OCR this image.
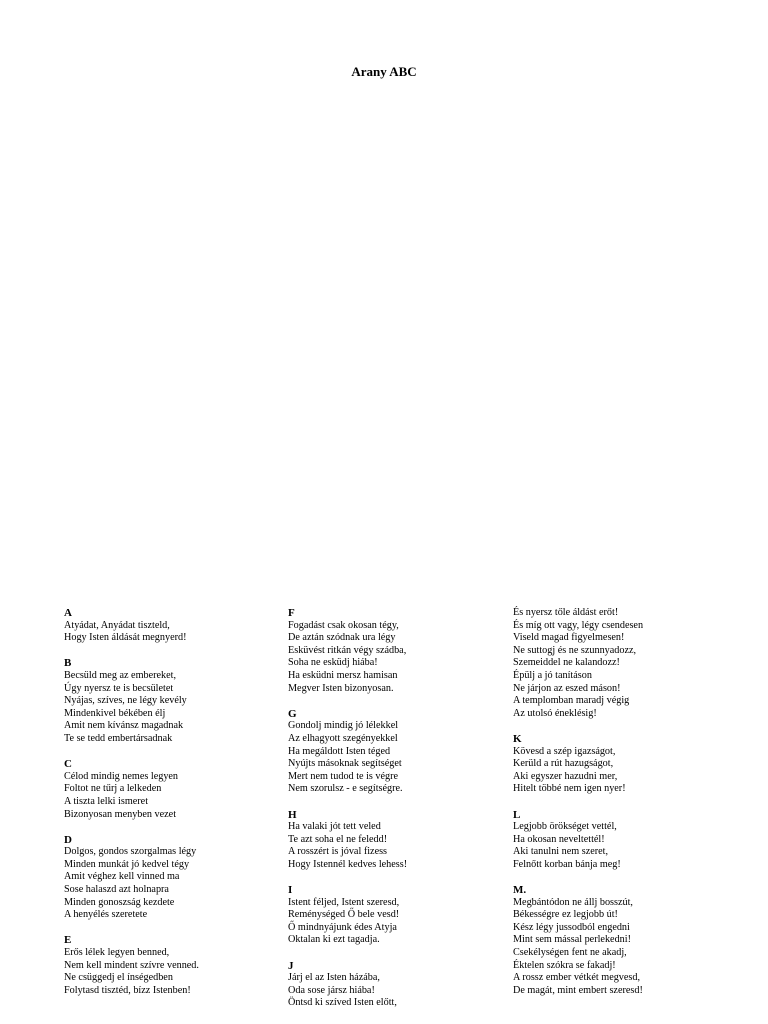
Arany ABC
A
Atyádat, Anyádat tiszteld,
Hogy Isten áldását megnyerd!
B
Becsüld meg az embereket,
Úgy nyersz te is becsületet
Nyájas, szíves, ne légy kevély
Mindenkivel békében élj
Amit nem kívánsz magadnak
Te se tedd embertársadnak
C
Célod mindig nemes legyen
Foltot ne tűrj a lelkeden
A tiszta lelki ismeret
Bizonyosan menyben vezet
D
Dolgos, gondos szorgalmas légy
Minden munkát jó kedvel tégy
Amit véghez kell vinned ma
Sose halaszd azt holnapra
Minden gonoszság kezdete
A henyélés szeretete
E
Erős lélek legyen benned,
Nem kell mindent szívre venned.
Ne csüggedj el ínségedben
Folytasd tisztéd, bízz Istenben!
F
Fogadást csak okosan tégy,
De aztán szódnak ura légy
Esküvést ritkán végy szádba,
Soha ne esküdj hiába!
Ha esküdni mersz hamisan
Megver Isten bizonyosan.
G
Gondolj mindig jó lélekkel
Az elhagyott szegényekkel
Ha megáldott Isten téged
Nyújts másoknak segítséget
Mert nem tudod te is végre
Nem szorulsz - e segítségre.
H
Ha valaki jót tett veled
Te azt soha el ne feledd!
A rosszért is jóval fizess
Hogy Istennél kedves lehess!
I
Istent féljed, Istent szeresd,
Reménységed Ő bele vesd!
Ő mindnyájunk édes Atyja
Oktalan ki ezt tagadja.
J
Járj el az Isten házába,
Oda sose jársz hiába!
Öntsd ki szíved Isten előtt,
És nyersz tőle áldást erőt!
És míg ott vagy, légy csendesen
Viseld magad figyelmesen!
Ne suttogj és ne szunnyadozz,
Szemeiddel ne kalandozz!
Épülj a jó tanításon
Ne járjon az eszed máson!
A templomban maradj végig
Az utolsó éneklésig!
K
Kövesd a szép igazságot,
Kerüld a rút hazugságot,
Aki egyszer hazudni mer,
Hitelt többé nem igen nyer!
L
Legjobb örökséget vettél,
Ha okosan neveltettél!
Aki tanulni nem szeret,
Felnőtt korban bánja meg!
M.
Megbántódon ne állj bosszút,
Békességre ez legjobb út!
Kész légy jussodból engedni
Mint sem mással perlekedni!
Csekélységen fent ne akadj,
Éktelen szókra se fakadj!
A rossz ember vétkét megvesd,
De magát, mint embert szeresd!
